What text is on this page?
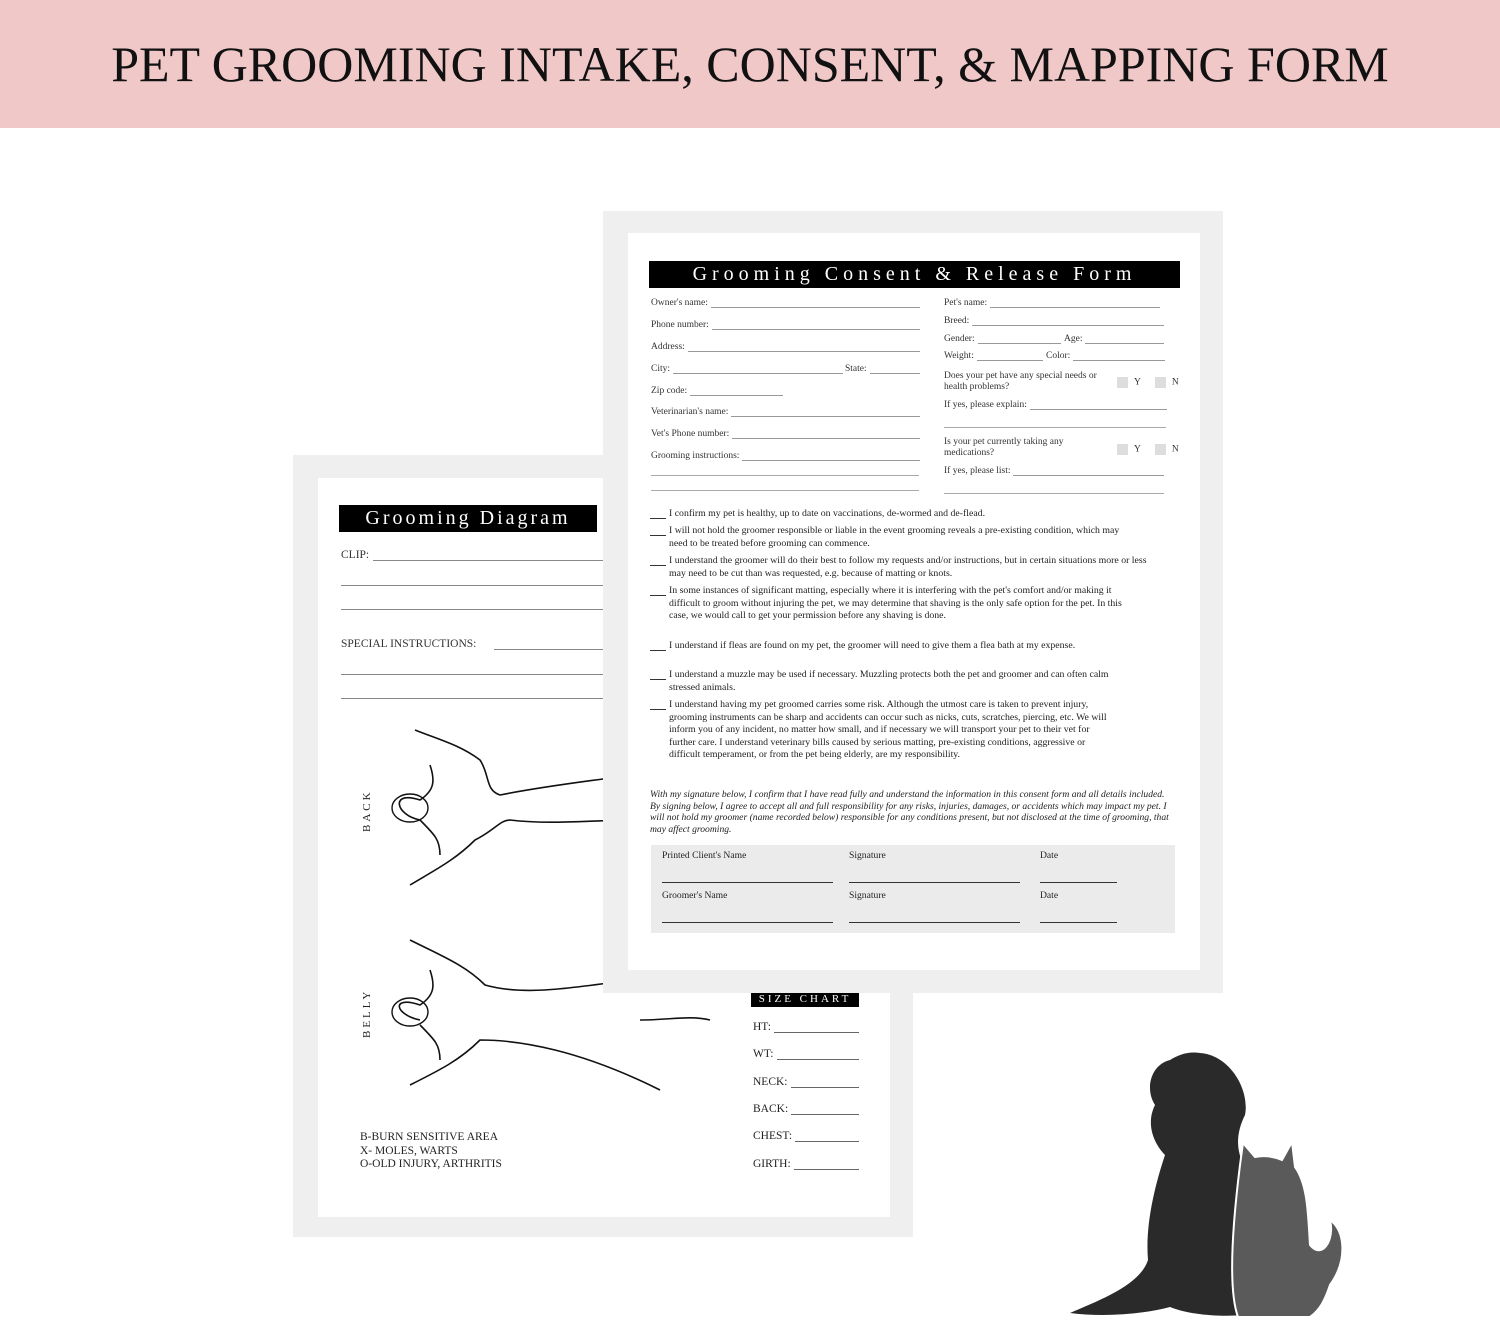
PET GROOMING INTAKE, CONSENT, & MAPPING FORM
Grooming Diagram
CLIP:
SPECIAL INSTRUCTIONS:
BACK
BELLY	SIZE CHART
HT:
WT:
NECK:
BACK:
CHEST:
GIRTH:
B-BURN SENSITIVE AREA
X- MOLES, WARTS
O-OLD INJURY, ARTHRITIS
Grooming Consent & Release Form
Owner's name:
Phone number:
Address:
City:	State:
Zip code:
Veterinarian's name:
Vet's Phone number:
Grooming instructions:
Pet's name:
Breed:
Gender:	Age:
Weight:	Color:
Does your pet have any special needs or health problems?	Y	N
If yes, please explain:
Is your pet currently taking any medications?	Y	N
If yes, please list:
I confirm my pet is healthy, up to date on vaccinations, de-wormed and de-flead.
I will not hold the groomer responsible or liable in the event grooming reveals a pre-existing condition, which may need to be treated before grooming can commence.
I understand the groomer will do their best to follow my requests and/or instructions, but in certain situations more or less may need to be cut than was requested, e.g. because of matting or knots.
In some instances of significant matting, especially where it is interfering with the pet's comfort and/or making it difficult to groom without injuring the pet, we may determine that shaving is the only safe option for the pet. In this case, we would call to get your permission before any shaving is done.
I understand if fleas are found on my pet, the groomer will need to give them a flea bath at my expense.
I understand a muzzle may be used if necessary. Muzzling protects both the pet and groomer and can often calm stressed animals.
I understand having my pet groomed carries some risk. Although the utmost care is taken to prevent injury, grooming instruments can be sharp and accidents can occur such as nicks, cuts, scratches, piercing, etc. We will inform you of any incident, no matter how small, and if necessary we will transport your pet to their vet for further care. I understand veterinary bills caused by serious matting, pre-existing conditions, aggressive or difficult temperament, or from the pet being elderly, are my responsibility.
With my signature below, I confirm that I have read fully and understand the information in this consent form and all details included. By signing below, I agree to accept all and full responsibility for any risks, injuries, damages, or accidents which may impact my pet. I will not hold my groomer (name recorded below) responsible for any conditions present, but not disclosed at the time of grooming, that may affect grooming.
Printed Client's Name	Signature	Date
Groomer's Name	Signature	Date
